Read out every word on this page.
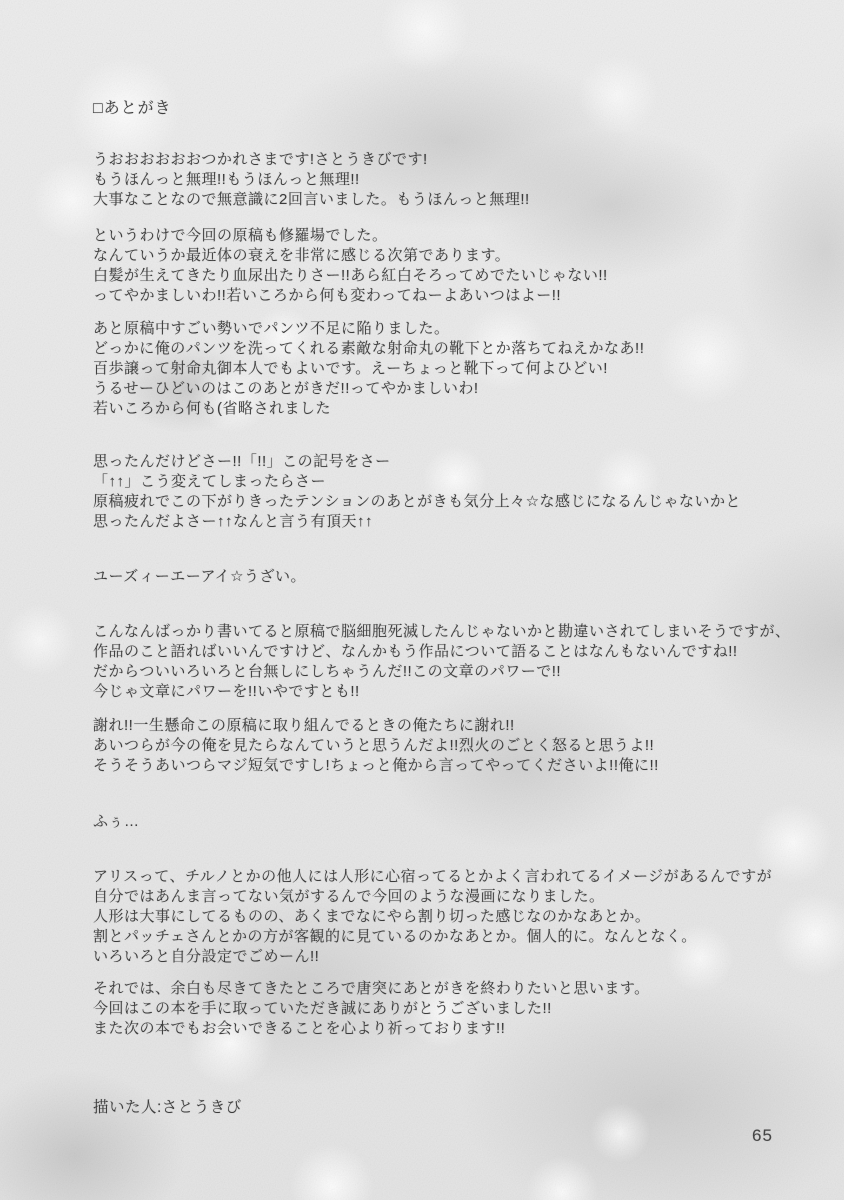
□あとがき
うおおおおおおつかれさまです!さとうきびです!
もうほんっと無理!!もうほんっと無理!!
大事なことなので無意識に2回言いました。もうほんっと無理!!
というわけで今回の原稿も修羅場でした。
なんていうか最近体の衰えを非常に感じる次第であります。
白髪が生えてきたり血尿出たりさー!!あら紅白そろってめでたいじゃない!!
ってやかましいわ!!若いころから何も変わってねーよあいつはよー!!
あと原稿中すごい勢いでパンツ不足に陥りました。
どっかに俺のパンツを洗ってくれる素敵な射命丸の靴下とか落ちてねえかなあ!!
百歩譲って射命丸御本人でもよいです。えーちょっと靴下って何よひどい!
うるせーひどいのはこのあとがきだ!!ってやかましいわ!
若いころから何も(省略されました
思ったんだけどさー!!「!!」この記号をさー
「↑↑」こう変えてしまったらさー
原稿疲れでこの下がりきったテンションのあとがきも気分上々☆な感じになるんじゃないかと
思ったんだよさー↑↑なんと言う有頂天↑↑
ユーズィーエーアイ☆うざい。
こんなんばっかり書いてると原稿で脳細胞死滅したんじゃないかと勘違いされてしまいそうですが、
作品のこと語ればいいんですけど、なんかもう作品について語ることはなんもないんですね!!
だからついいろいろと台無しにしちゃうんだ!!この文章のパワーで!!
今じゃ文章にパワーを!!いやですとも!!
謝れ!!一生懸命この原稿に取り組んでるときの俺たちに謝れ!!
あいつらが今の俺を見たらなんていうと思うんだよ!!烈火のごとく怒ると思うよ!!
そうそうあいつらマジ短気ですし!ちょっと俺から言ってやってくださいよ!!俺に!!
ふぅ…
アリスって、チルノとかの他人には人形に心宿ってるとかよく言われてるイメージがあるんですが
自分ではあんま言ってない気がするんで今回のような漫画になりました。
人形は大事にしてるものの、あくまでなにやら割り切った感じなのかなあとか。
割とパッチェさんとかの方が客観的に見ているのかなあとか。個人的に。なんとなく。
いろいろと自分設定でごめーん!!
それでは、余白も尽きてきたところで唐突にあとがきを終わりたいと思います。
今回はこの本を手に取っていただき誠にありがとうございました!!
また次の本でもお会いできることを心より祈っております!!
描いた人:さとうきび
65
